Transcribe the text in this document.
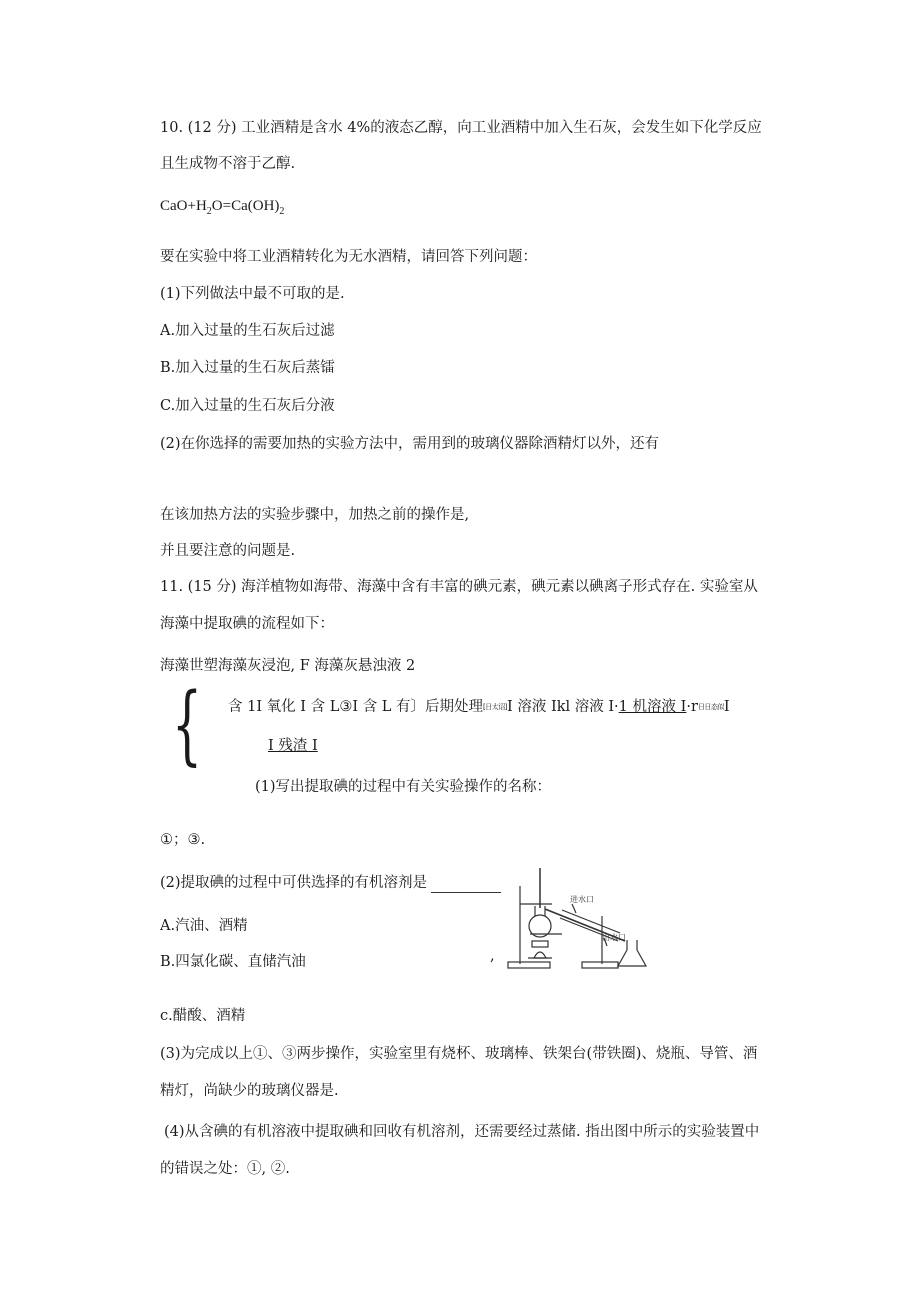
10. (12 分) 工业酒精是含水 4%的液态乙醇，向工业酒精中加入生石灰，会发生如下化学反应
且生成物不溶于乙醇.
$CaO+H_2O=Ca(OH)_2$
要在实验中将工业酒精转化为无水酒精，请回答下列问题：
(1)下列做法中最不可取的是.
A.加入过量的生石灰后过滤
B.加入过量的生石灰后蒸镭
C.加入过量的生石灰后分液
(2)在你选择的需要加热的实验方法中，需用到的玻璃仪器除酒精灯以外，还有
在该加热方法的实验步骤中，加热之前的操作是,
并且要注意的问题是.
11. (15 分) 海洋植物如海带、海藻中含有丰富的碘元素，碘元素以碘离子形式存在. 实验室从
海藻中提取碘的流程如下：
海藻世塑海藻灰浸泡, F 海藻灰悬浊液 2
{ 含 1I 氧化 I 含 L③I 含 L 有〕后期处理[日太诏]I 溶液 Ikl 溶液 I·1 机溶液 I·r日日态似I
I 残渣 I
(1)写出提取碘的过程中有关实验操作的名称：
①；③.
(2)提取碘的过程中可供选择的有机溶剂是
A.汽油、酒精
B.四氯化碳、直储汽油	,
c.醋酸、酒精
(3)为完成以上①、③两步操作，实验室里有烧杯、玻璃棒、铁架台(带铁圈)、烧瓶、导管、酒
精灯，尚缺少的玻璃仪器是.
(4)从含碘的有机溶液中提取碘和回收有机溶剂，还需要经过蒸储. 指出图中所示的实验装置中
的错误之处：①, ②.
进水口
出水口
